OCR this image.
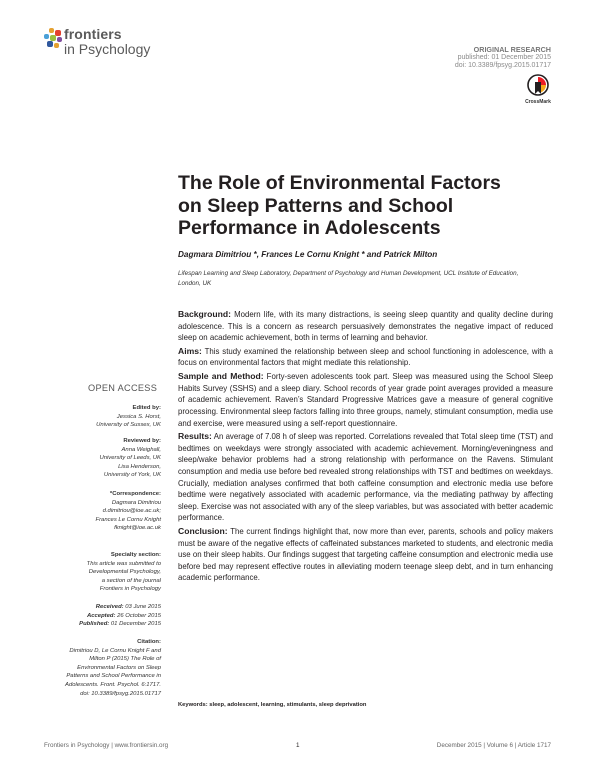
frontiers
in Psychology	ORIGINAL RESEARCH
published: 01 December 2015
doi: 10.3389/fpsyg.2015.01717
CrossMark
The Role of Environmental Factors
on Sleep Patterns and School
Performance in Adolescents
Dagmara Dimitriou *, Frances Le Cornu Knight * and Patrick Milton
Lifespan Learning and Sleep Laboratory, Department of Psychology and Human Development, UCL Institute of Education,
London, UK
OPEN ACCESS
Edited by:
Jessica S. Horst,
University of Sussex, UK
Reviewed by:
Anna Weighall,
University of Leeds, UK
Lisa Henderson,
University of York, UK
*Correspondence:
Dagmara Dimitriou
d.dimitriou@ioe.ac.uk;
Frances Le Cornu Knight
fknight@ioe.ac.uk
Specialty section:
This article was submitted to
Developmental Psychology,
a section of the journal
Frontiers in Psychology
Received: 03 June 2015
Accepted: 26 October 2015
Published: 01 December 2015
Citation:
Dimitriou D, Le Cornu Knight F and
Milton P (2015) The Role of
Environmental Factors on Sleep
Patterns and School Performance in
Adolescents. Front. Psychol. 6:1717.
doi: 10.3389/fpsyg.2015.01717

Background: Modern life, with its many distractions, is seeing sleep quantity and quality decline during adolescence. This is a concern as research persuasively demonstrates the negative impact of reduced sleep on academic achievement, both in terms of learning and behavior.

Aims: This study examined the relationship between sleep and school functioning in adolescence, with a focus on environmental factors that might mediate this relationship.

Sample and Method: Forty-seven adolescents took part. Sleep was measured using the School Sleep Habits Survey (SSHS) and a sleep diary. School records of year grade point averages provided a measure of academic achievement. Raven’s Standard Progressive Matrices gave a measure of general cognitive processing. Environmental sleep factors falling into three groups, namely, stimulant consumption, media use and exercise, were measured using a self-report questionnaire.

Results: An average of 7.08 h of sleep was reported. Correlations revealed that Total sleep time (TST) and bedtimes on weekdays were strongly associated with academic achievement. Morning/eveningness and sleep/wake behavior problems had a strong relationship with performance on the Ravens. Stimulant consumption and media use before bed revealed strong relationships with TST and bedtimes on weekdays. Crucially, mediation analyses confirmed that both caffeine consumption and electronic media use before bedtime were negatively associated with academic performance, via the mediating pathway by affecting sleep. Exercise was not associated with any of the sleep variables, but was associated with better academic performance.

Conclusion: The current findings highlight that, now more than ever, parents, schools and policy makers must be aware of the negative effects of caffeinated substances marketed to students, and electronic media use on their sleep habits. Our findings suggest that targeting caffeine consumption and electronic media use before bed may represent effective routes in alleviating modern teenage sleep debt, and in turn enhancing academic performance.

Keywords: sleep, adolescent, learning, stimulants, sleep deprivation
Frontiers in Psychology | www.frontiersin.org	1	December 2015 | Volume 6 | Article 1717
